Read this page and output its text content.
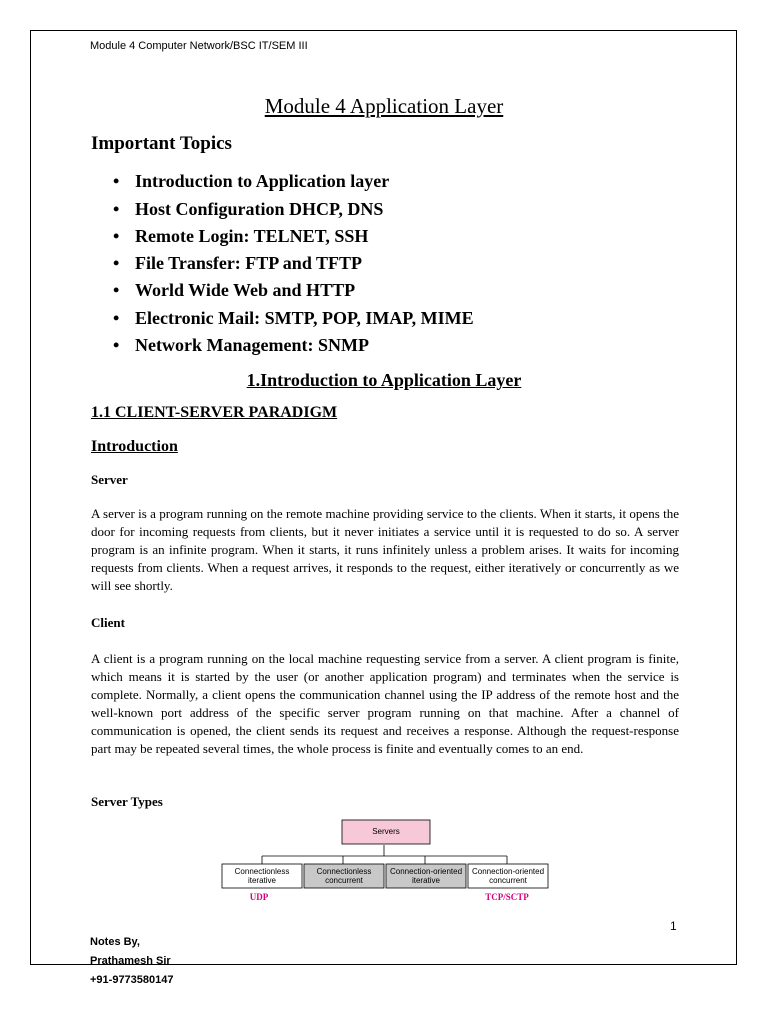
Module 4 Computer Network/BSC IT/SEM III
Module 4 Application Layer
Important Topics
• Introduction to Application layer
• Host Configuration DHCP, DNS
• Remote Login: TELNET, SSH
• File Transfer: FTP and TFTP
• World Wide Web and HTTP
• Electronic Mail: SMTP, POP, IMAP, MIME
• Network Management: SNMP
1.Introduction to Application Layer
1.1 CLIENT-SERVER PARADIGM
Introduction
Server

A server is a program running on the remote machine providing service to the clients. When it starts, it opens the door for incoming requests from clients, but it never initiates a service until it is requested to do so. A server program is an infinite program. When it starts, it runs infinitely unless a problem arises. It waits for incoming requests from clients. When a request arrives, it responds to the request, either iteratively or concurrently as we will see shortly.

Client

A client is a program running on the local machine requesting service from a server. A client program is finite, which means it is started by the user (or another application program) and terminates when the service is complete. Normally, a client opens the communication channel using the IP address of the remote host and the well-known port address of the specific server program running on that machine. After a channel of communication is opened, the client sends its request and receives a response. Although the request-response part may be repeated several times, the whole process is finite and eventually comes to an end.

Server Types
Servers
Connectionless
iterative
Connectionless
concurrent
Connection-oriented
iterative
Connection-oriented
concurrent
UDP	TCP/SCTP
1
Notes By,
Prathamesh Sir
+91-9773580147
